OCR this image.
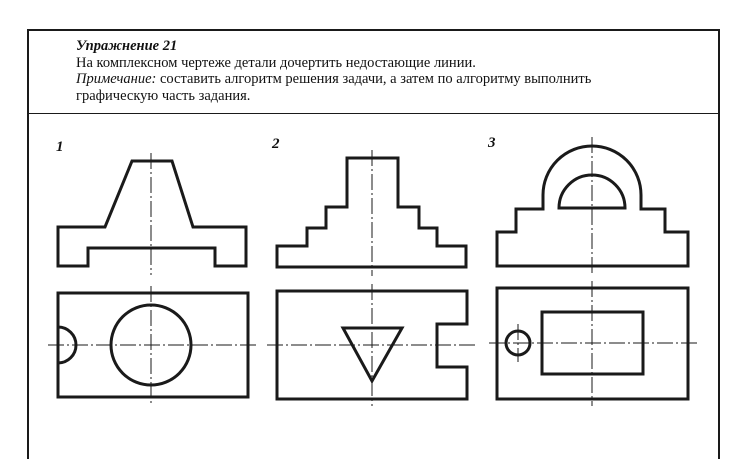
Упражнение 21
На комплексном чертеже детали дочертить недостающие линии.
Примечание: составить алгоритм решения задачи, а затем по алгоритму выполнить
графическую часть задания.
1	2	3
